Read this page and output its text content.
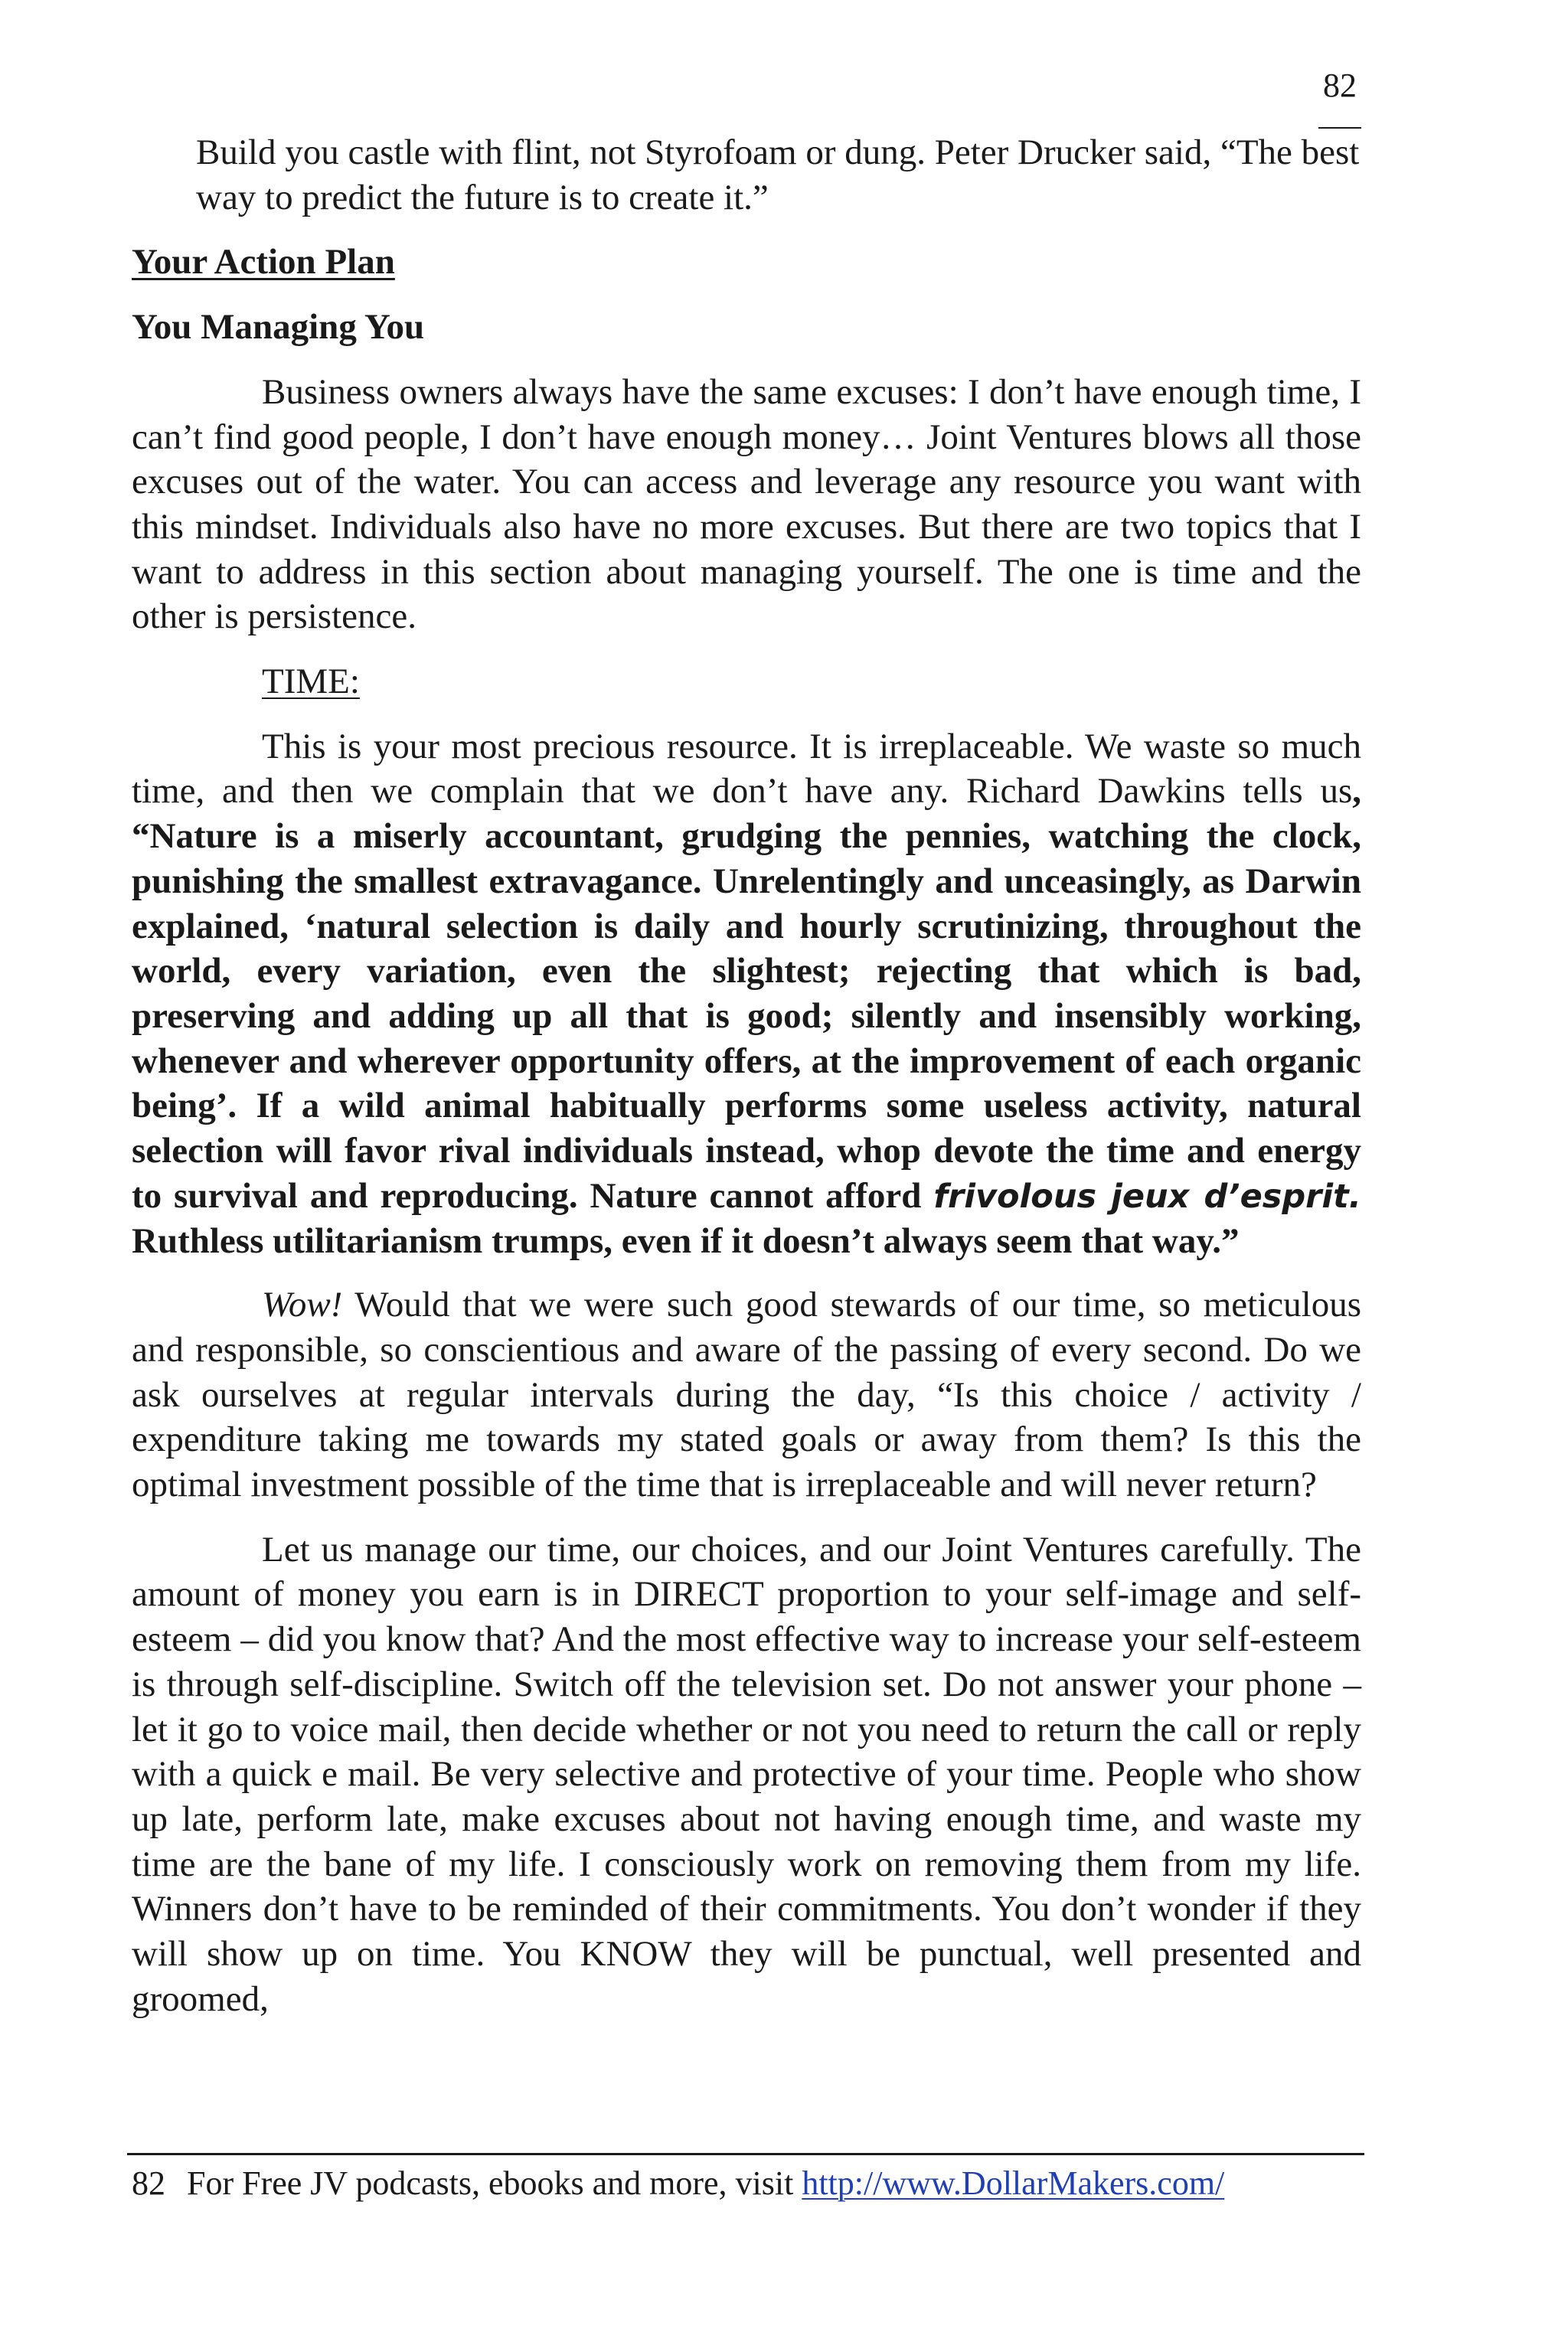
82

Build you castle with flint, not Styrofoam or dung. Peter Drucker said, “The best way to predict the future is to create it.”

Your Action Plan

You Managing You

Business owners always have the same excuses: I don’t have enough time, I can’t find good people, I don’t have enough money… Joint Ventures blows all those excuses out of the water. You can access and leverage any resource you want with this mindset. Individuals also have no more excuses. But there are two topics that I want to address in this section about managing yourself. The one is time and the other is persistence.

TIME:

This is your most precious resource. It is irreplaceable. We waste so much time, and then we complain that we don’t have any. Richard Dawkins tells us, “Nature is a miserly accountant, grudging the pennies, watching the clock, punishing the smallest extravagance. Unrelentingly and unceasingly, as Darwin explained, ‘natural selection is daily and hourly scrutinizing, throughout the world, every variation, even the slightest; rejecting that which is bad, preserving and adding up all that is good; silently and insensibly working, whenever and wherever opportunity offers, at the improvement of each organic being’. If a wild animal habitually performs some useless activity, natural selection will favor rival individuals instead, whop devote the time and energy to survival and reproducing. Nature cannot afford frivolous jeux d’esprit. Ruthless utilitarianism trumps, even if it doesn’t always seem that way.”

Wow! Would that we were such good stewards of our time, so meticulous and responsible, so conscientious and aware of the passing of every second. Do we ask ourselves at regular intervals during the day, “Is this choice / activity / expenditure taking me towards my stated goals or away from them? Is this the optimal investment possible of the time that is irreplaceable and will never return?

Let us manage our time, our choices, and our Joint Ventures carefully. The amount of money you earn is in DIRECT proportion to your self-image and self-esteem – did you know that? And the most effective way to increase your self-esteem is through self-discipline. Switch off the television set. Do not answer your phone – let it go to voice mail, then decide whether or not you need to return the call or reply with a quick e mail. Be very selective and protective of your time. People who show up late, perform late, make excuses about not having enough time, and waste my time are the bane of my life. I consciously work on removing them from my life. Winners don’t have to be reminded of their commitments. You don’t wonder if they will show up on time. You KNOW they will be punctual, well presented and groomed,

82 For Free JV podcasts, ebooks and more, visit http://www.DollarMakers.com/
